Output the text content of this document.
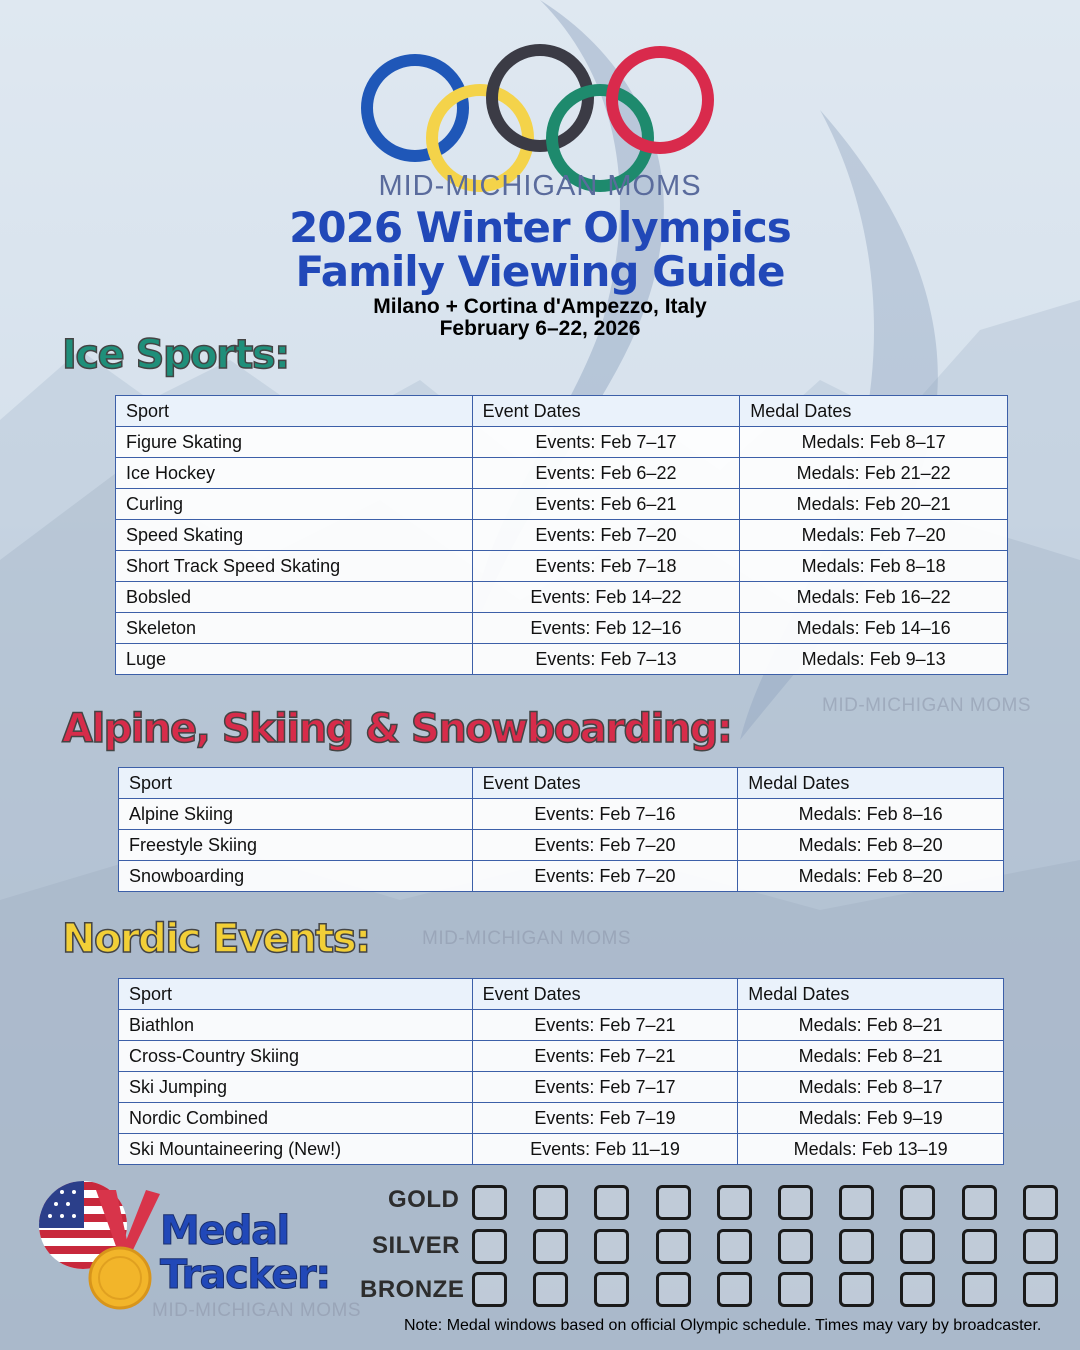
MID-MICHIGAN MOMS
2026 Winter Olympics
Family Viewing Guide
Milano + Cortina d'Ampezzo, Italy
February 6–22, 2026
Ice Sports:
Sport	Event Dates	Medal Dates
Figure Skating	Events: Feb 7–17	Medals: Feb 8–17
Ice Hockey	Events: Feb 6–22	Medals: Feb 21–22
Curling	Events: Feb 6–21	Medals: Feb 20–21
Speed Skating	Events: Feb 7–20	Medals: Feb 7–20
Short Track Speed Skating	Events: Feb 7–18	Medals: Feb 8–18
Bobsled	Events: Feb 14–22	Medals: Feb 16–22
Skeleton	Events: Feb 12–16	Medals: Feb 14–16
Luge	Events: Feb 7–13	Medals: Feb 9–13
MID-MICHIGAN MOMS
Alpine, Skiing & Snowboarding:
Sport	Event Dates	Medal Dates
Alpine Skiing	Events: Feb 7–16	Medals: Feb 8–16
Freestyle Skiing	Events: Feb 7–20	Medals: Feb 8–20
Snowboarding	Events: Feb 7–20	Medals: Feb 8–20
Nordic Events:	MID-MICHIGAN MOMS
Sport	Event Dates	Medal Dates
Biathlon	Events: Feb 7–21	Medals: Feb 8–21
Cross-Country Skiing	Events: Feb 7–21	Medals: Feb 8–21
Ski Jumping	Events: Feb 7–17	Medals: Feb 8–17
Nordic Combined	Events: Feb 7–19	Medals: Feb 9–19
Ski Mountaineering (New!)	Events: Feb 11–19	Medals: Feb 13–19
Medal
Tracker:
MID-MICHIGAN MOMS
GOLD
SILVER
BRONZE
Note: Medal windows based on official Olympic schedule. Times may vary by broadcaster.
